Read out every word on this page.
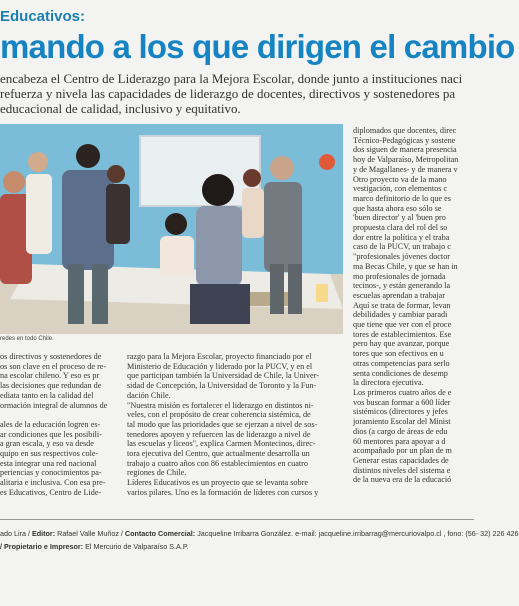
Educativos:
mando a los que dirigen el cambio
encabeza el Centro de Liderazgo para la Mejora Escolar, donde junto a instituciones naci
refuerza y nivela las capacidades de liderazgo de docentes, directivos y sostenedores pa
educacional de calidad, inclusivo y equitativo.
redes en todo Chile.
os directivos y sostenedores de
os son clave en el proceso de re-
na escolar chileno. Y eso es pr
las decisiones que redundan de
ediata tanto en la calidad del
ormación integral de alumnos de

ales de la educación logren es-
ar condiciones que les posibili-
a gran escala, y eso va desde
quipo en sus respectivos cole-
esta integrar una red nacional
periencias y conocimientos pa-
alitaria e inclusiva. Con esa pre-
es Educativos, Centro de Lide-
razgo para la Mejora Escolar, proyecto financiado por el
Ministerio de Educación y liderado por la PUCV, y en el
que participan también la Universidad de Chile, la Univer-
sidad de Concepción, la Universidad de Toronto y la Fun-
dación Chile.
"Nuestra misión es fortalecer el liderazgo en distintos ni-
veles, con el propósito de crear coherencia sistémica, de
tal modo que las prioridades que se ejerzan a nivel de sos-
tenedores apoyen y refuercen las de liderazgo a nivel de
las escuelas y liceos", explica Carmen Montecinos, direc-
tora ejecutiva del Centro, que actualmente desarrolla un
trabajo a cuatro años con 86 establecimientos en cuatro
regiones de Chile.
Líderes Educativos es un proyecto que se levanta sobre
varios pilares. Uno es la formación de líderes con cursos y
diplomados que docentes, direc
Técnico-Pedagógicas y sostene
dos siguen de manera presencia
hoy de Valparaíso, Metropolitan
y de Magallanes- y de manera v
Otro proyecto va de la mano
vestigación, con elementos c
marco definitorio de lo que es
que hasta ahora eso sólo se
'buen director' y al 'buen pro
propuesta clara del rol del so
dor entre la política y el traba
caso de la PUCV, un trabajo c
"profesionales jóvenes doctor
ma Becas Chile, y que se han in
mo profesionales de jornada
tecinos-, y están generando la
escuelas aprendan a trabajar
Aquí se trata de formar, levan
debilidades y cambiar paradi
que tiene que ver con el proce
tores de establecimientos. Ese
pero hay que avanzar, porque
tores que son efectivos en u
otras competencias para serlo
senta condiciones de desemp
la directora ejecutiva.
Los primeros cuatro años de e
vos buscan formar a 600 líder
sistémicos (directores y jefes
joramiento Escolar del Minist
dios (a cargo de áreas de edu
60 mentores para apoyar a d
acompañado por un plan de m
Generar estas capacidades de
distintos niveles del sistema e
de la nueva era de la educació
ado Lira / Editor: Rafael Valle Muñoz / Contacto Comercial: Jacqueline Irribarra González. e-mail: jacqueline.irribarrag@mercuriovalpo.cl , fono: (56- 32) 226 426
/ Propietario e Impresor: El Mercurio de Valparaíso S.A.P.
